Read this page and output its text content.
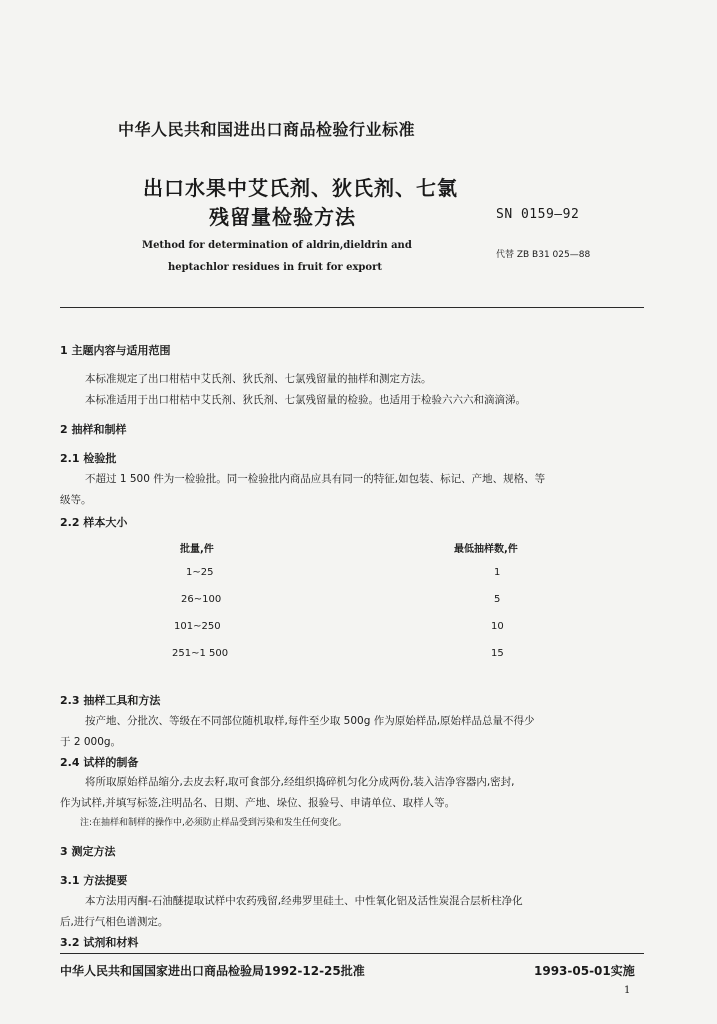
中华人民共和国进出口商品检验行业标准
出口水果中艾氏剂、狄氏剂、七氯
残留量检验方法	SN 0159—92
Method for determination of aldrin,dieldrin and
heptachlor residues in fruit for export
代替 ZB B31 025—88
1 主题内容与适用范围
本标准规定了出口柑桔中艾氏剂、狄氏剂、七氯残留量的抽样和测定方法。
本标准适用于出口柑桔中艾氏剂、狄氏剂、七氯残留量的检验。也适用于检验六六六和滴滴涕。
2 抽样和制样
2.1 检验批
不超过 1 500 件为一检验批。同一检验批内商品应具有同一的特征,如包装、标记、产地、规格、等
级等。
2.2 样本大小
批量,件	最低抽样数,件
1~25	1
26~100	5
101~250	10
251~1 500	15
2.3 抽样工具和方法
按产地、分批次、等级在不同部位随机取样,每件至少取 500g 作为原始样品,原始样品总量不得少
于 2 000g。
2.4 试样的制备
将所取原始样品缩分,去皮去籽,取可食部分,经组织捣碎机匀化分成两份,装入洁净容器内,密封,
作为试样,并填写标签,注明品名、日期、产地、垛位、报验号、申请单位、取样人等。
注:在抽样和制样的操作中,必须防止样品受到污染和发生任何变化。
3 测定方法
3.1 方法提要
本方法用丙酮-石油醚提取试样中农药残留,经弗罗里硅土、中性氧化铝及活性炭混合层析柱净化
后,进行气相色谱测定。
3.2 试剂和材料
中华人民共和国国家进出口商品检验局1992-12-25批准	1993-05-01实施
1
